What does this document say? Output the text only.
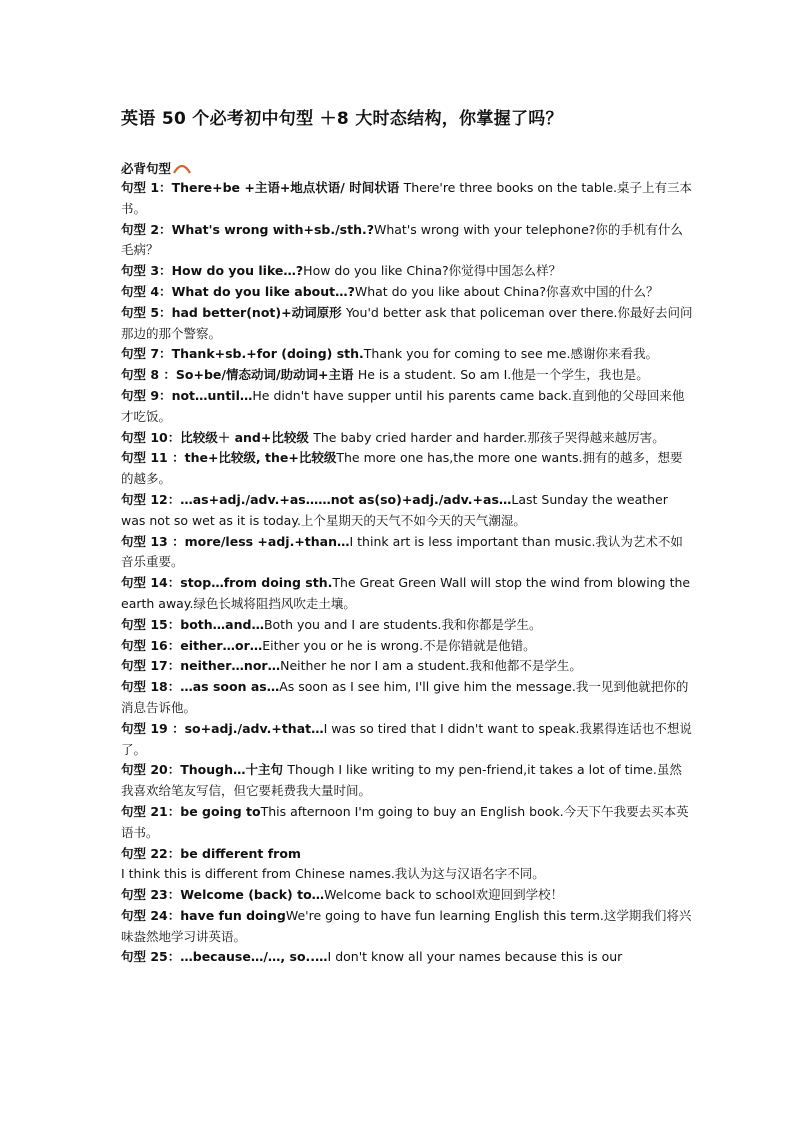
英语 50 个必考初中句型 ＋8 大时态结构，你掌握了吗？
必背句型

句型 1：There+be +主语+地点状语/ 时间状语 There're three books on the table.桌子上有三本书。

句型 2：What's wrong with+sb./sth.?What's wrong with your telephone?你的手机有什么毛病？

句型 3：How do you like…?How do you like China?你觉得中国怎么样？

句型 4：What do you like about…?What do you like about China?你喜欢中国的什么？

句型 5：had better(not)+动词原形 You'd better ask that policeman over there.你最好去问问那边的那个警察。

句型 7：Thank+sb.+for (doing) sth.Thank you for coming to see me.感谢你来看我。

句型 8 ：So+be/情态动词/助动词+主语 He is a student. So am I.他是一个学生，我也是。

句型 9：not…until…He didn't have supper until his parents came back.直到他的父母回来他才吃饭。

句型 10：比较级＋ and+比较级 The baby cried harder and harder.那孩子哭得越来越厉害。

句型 11 ：the+比较级, the+比较级The more one has,the more one wants.拥有的越多，想要的越多。

句型 12：…as+adj./adv.+as……not as(so)+adj./adv.+as…Last Sunday the weather was not so wet as it is today.上个星期天的天气不如今天的天气潮湿。

句型 13 ：more/less +adj.+than…I think art is less important than music.我认为艺术不如音乐重要。

句型 14：stop…from doing sth.The Great Green Wall will stop the wind from blowing the earth away.绿色长城将阻挡风吹走土壤。

句型 15：both…and…Both you and I are students.我和你都是学生。

句型 16：either…or…Either you or he is wrong.不是你错就是他错。

句型 17：neither…nor…Neither he nor I am a student.我和他都不是学生。

句型 18：…as soon as…As soon as I see him, I'll give him the message.我一见到他就把你的消息告诉他。

句型 19 ：so+adj./adv.+that…I was so tired that I didn't want to speak.我累得连话也不想说了。

句型 20：Though…十主句 Though I like writing to my pen-friend,it takes a lot of time.虽然我喜欢给笔友写信，但它要耗费我大量时间。

句型 21：be going toThis afternoon I'm going to buy an English book.今天下午我要去买本英语书。

句型 22：be different from
I think this is different from Chinese names.我认为这与汉语名字不同。

句型 23：Welcome (back) to…Welcome back to school欢迎回到学校！

句型 24：have fun doingWe're going to have fun learning English this term.这学期我们将兴味盎然地学习讲英语。

句型 25：…because…/…, so..…I don't know all your names because this is our
